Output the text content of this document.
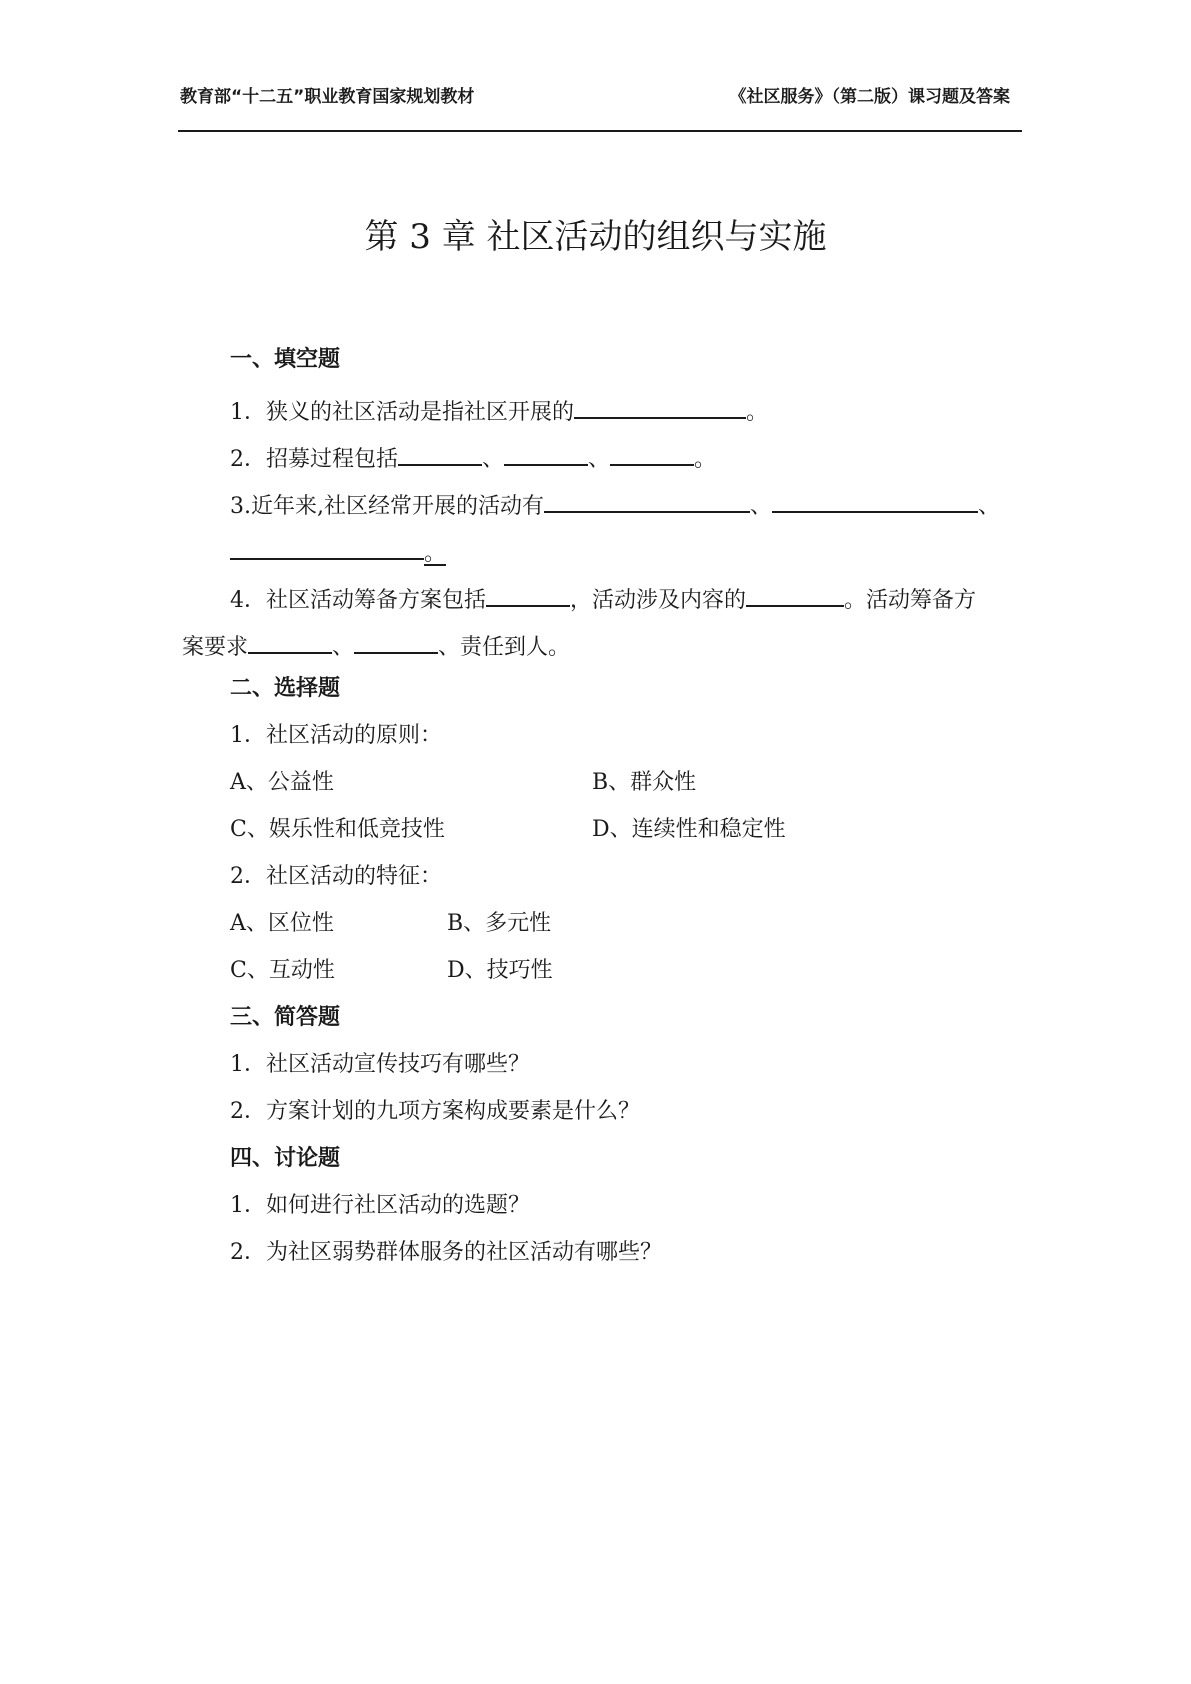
教育部“十二五”职业教育国家规划教材	《社区服务》（第二版）课习题及答案
第 3 章 社区活动的组织与实施
一、填空题
1．狭义的社区活动是指社区开展的	。
2．招募过程包括	、	、	。
3.近年来,社区经常开展的活动有	、	、
。
4．社区活动筹备方案包括	，活动涉及内容的	。活动筹备方
案要求	、	、责任到人。
二、选择题
1．社区活动的原则：
A、公益性	B、群众性
C、娱乐性和低竞技性	D、连续性和稳定性
2．社区活动的特征：
A、区位性	B、多元性
C、互动性	D、技巧性
三、简答题
1．社区活动宣传技巧有哪些？
2．方案计划的九项方案构成要素是什么？
四、讨论题
1．如何进行社区活动的选题？
2．为社区弱势群体服务的社区活动有哪些？
